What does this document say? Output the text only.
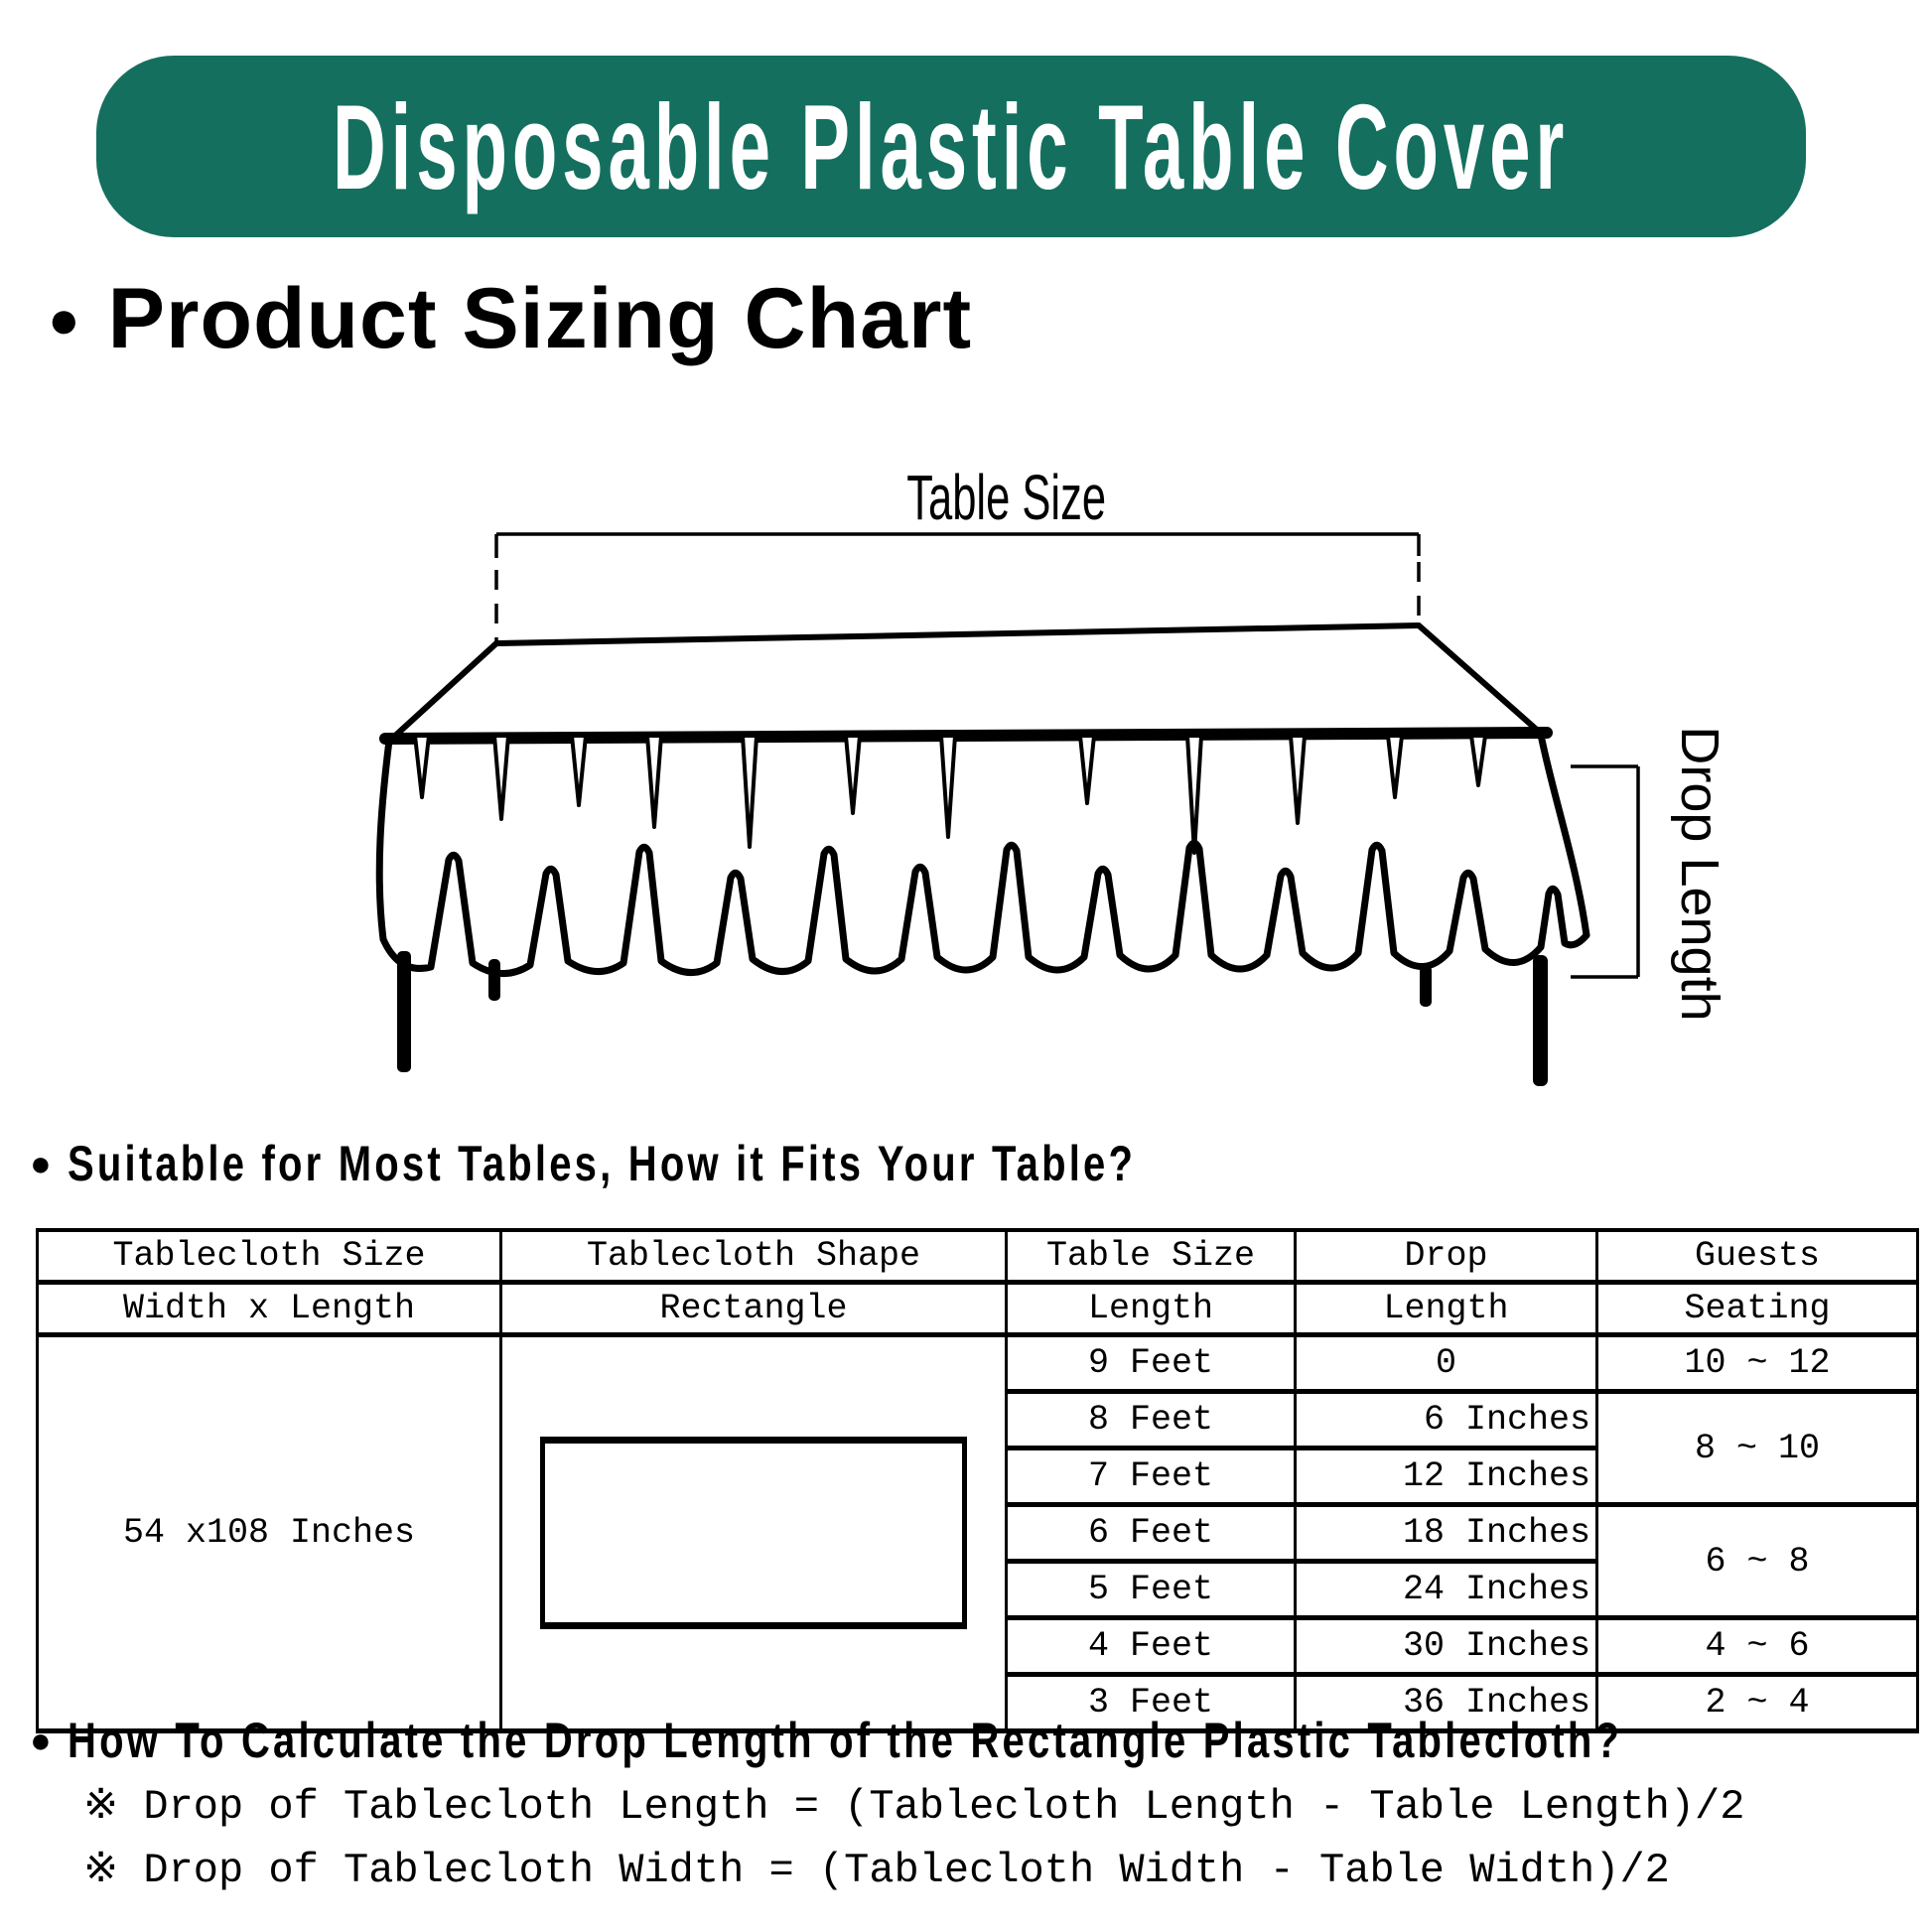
Disposable Plastic Table Cover
● Product Sizing Chart
Table Size
Drop Length
● Suitable for Most Tables, How it Fits Your Table?
Tablecloth Size	Tablecloth Shape	Table Size	Drop	Guests
Width x Length	Rectangle	Length	Length	Seating
54 x108 Inches		9 Feet	0	10 ~ 12
		8 Feet	6 Inches	8 ~ 10
		7 Feet	12 Inches	
		6 Feet	18 Inches	6 ~ 8
		5 Feet	24 Inches	
		4 Feet	30 Inches	4 ~ 6
		3 Feet	36 Inches	2 ~ 4
● How To Calculate the Drop Length of the Rectangle Plastic Tablecloth?
※ Drop of Tablecloth Length = (Tablecloth Length - Table Length)/2
※ Drop of Tablecloth Width = (Tablecloth Width - Table Width)/2
